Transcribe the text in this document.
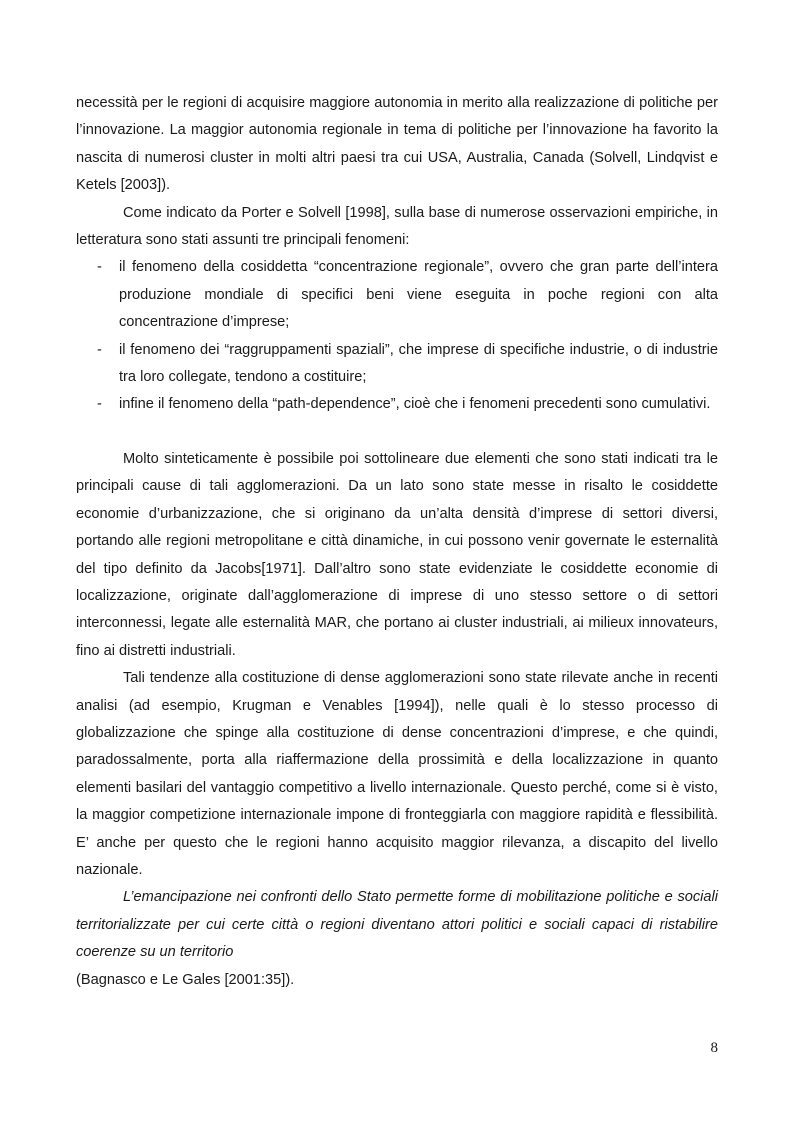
necessità per le regioni di acquisire maggiore autonomia in merito alla realizzazione di politiche per l’innovazione. La maggior autonomia regionale in tema di politiche per l’innovazione ha favorito la nascita di numerosi cluster in molti altri paesi tra cui USA, Australia, Canada (Solvell, Lindqvist e Ketels [2003]).

Come indicato da Porter e Solvell [1998], sulla base di numerose osservazioni empiriche, in letteratura sono stati assunti tre principali fenomeni:

- il fenomeno della cosiddetta “concentrazione regionale”, ovvero che gran parte dell’intera produzione mondiale di specifici beni viene eseguita in poche regioni con alta concentrazione d’imprese;
- il fenomeno dei “raggruppamenti spaziali”, che imprese di specifiche industrie, o di industrie tra loro collegate, tendono a costituire;
- infine il fenomeno della “path-dependence”, cioè che i fenomeni precedenti sono cumulativi.

Molto sinteticamente è possibile poi sottolineare due elementi che sono stati indicati tra le principali cause di tali agglomerazioni. Da un lato sono state messe in risalto le cosiddette economie d’urbanizzazione, che si originano da un’alta densità d’imprese di settori diversi, portando alle regioni metropolitane e città dinamiche, in cui possono venir governate le esternalità del tipo definito da Jacobs[1971]. Dall’altro sono state evidenziate le cosiddette economie di localizzazione, originate dall’agglomerazione di imprese di uno stesso settore o di settori interconnessi, legate alle esternalità MAR, che portano ai cluster industriali, ai milieux innovateurs, fino ai distretti industriali.

Tali tendenze alla costituzione di dense agglomerazioni sono state rilevate anche in recenti analisi (ad esempio, Krugman e Venables [1994]), nelle quali è lo stesso processo di globalizzazione che spinge alla costituzione di dense concentrazioni d’imprese, e che quindi, paradossalmente, porta alla riaffermazione della prossimità e della localizzazione in quanto elementi basilari del vantaggio competitivo a livello internazionale. Questo perché, come si è visto, la maggior competizione internazionale impone di fronteggiarla con maggiore rapidità e flessibilità. E’ anche per questo che le regioni hanno acquisito maggior rilevanza, a discapito del livello nazionale.

L’emancipazione nei confronti dello Stato permette forme di mobilitazione politiche e sociali territorializzate per cui certe città o regioni diventano attori politici e sociali capaci di ristabilire coerenze su un territorio

(Bagnasco e Le Gales [2001:35]).

8
